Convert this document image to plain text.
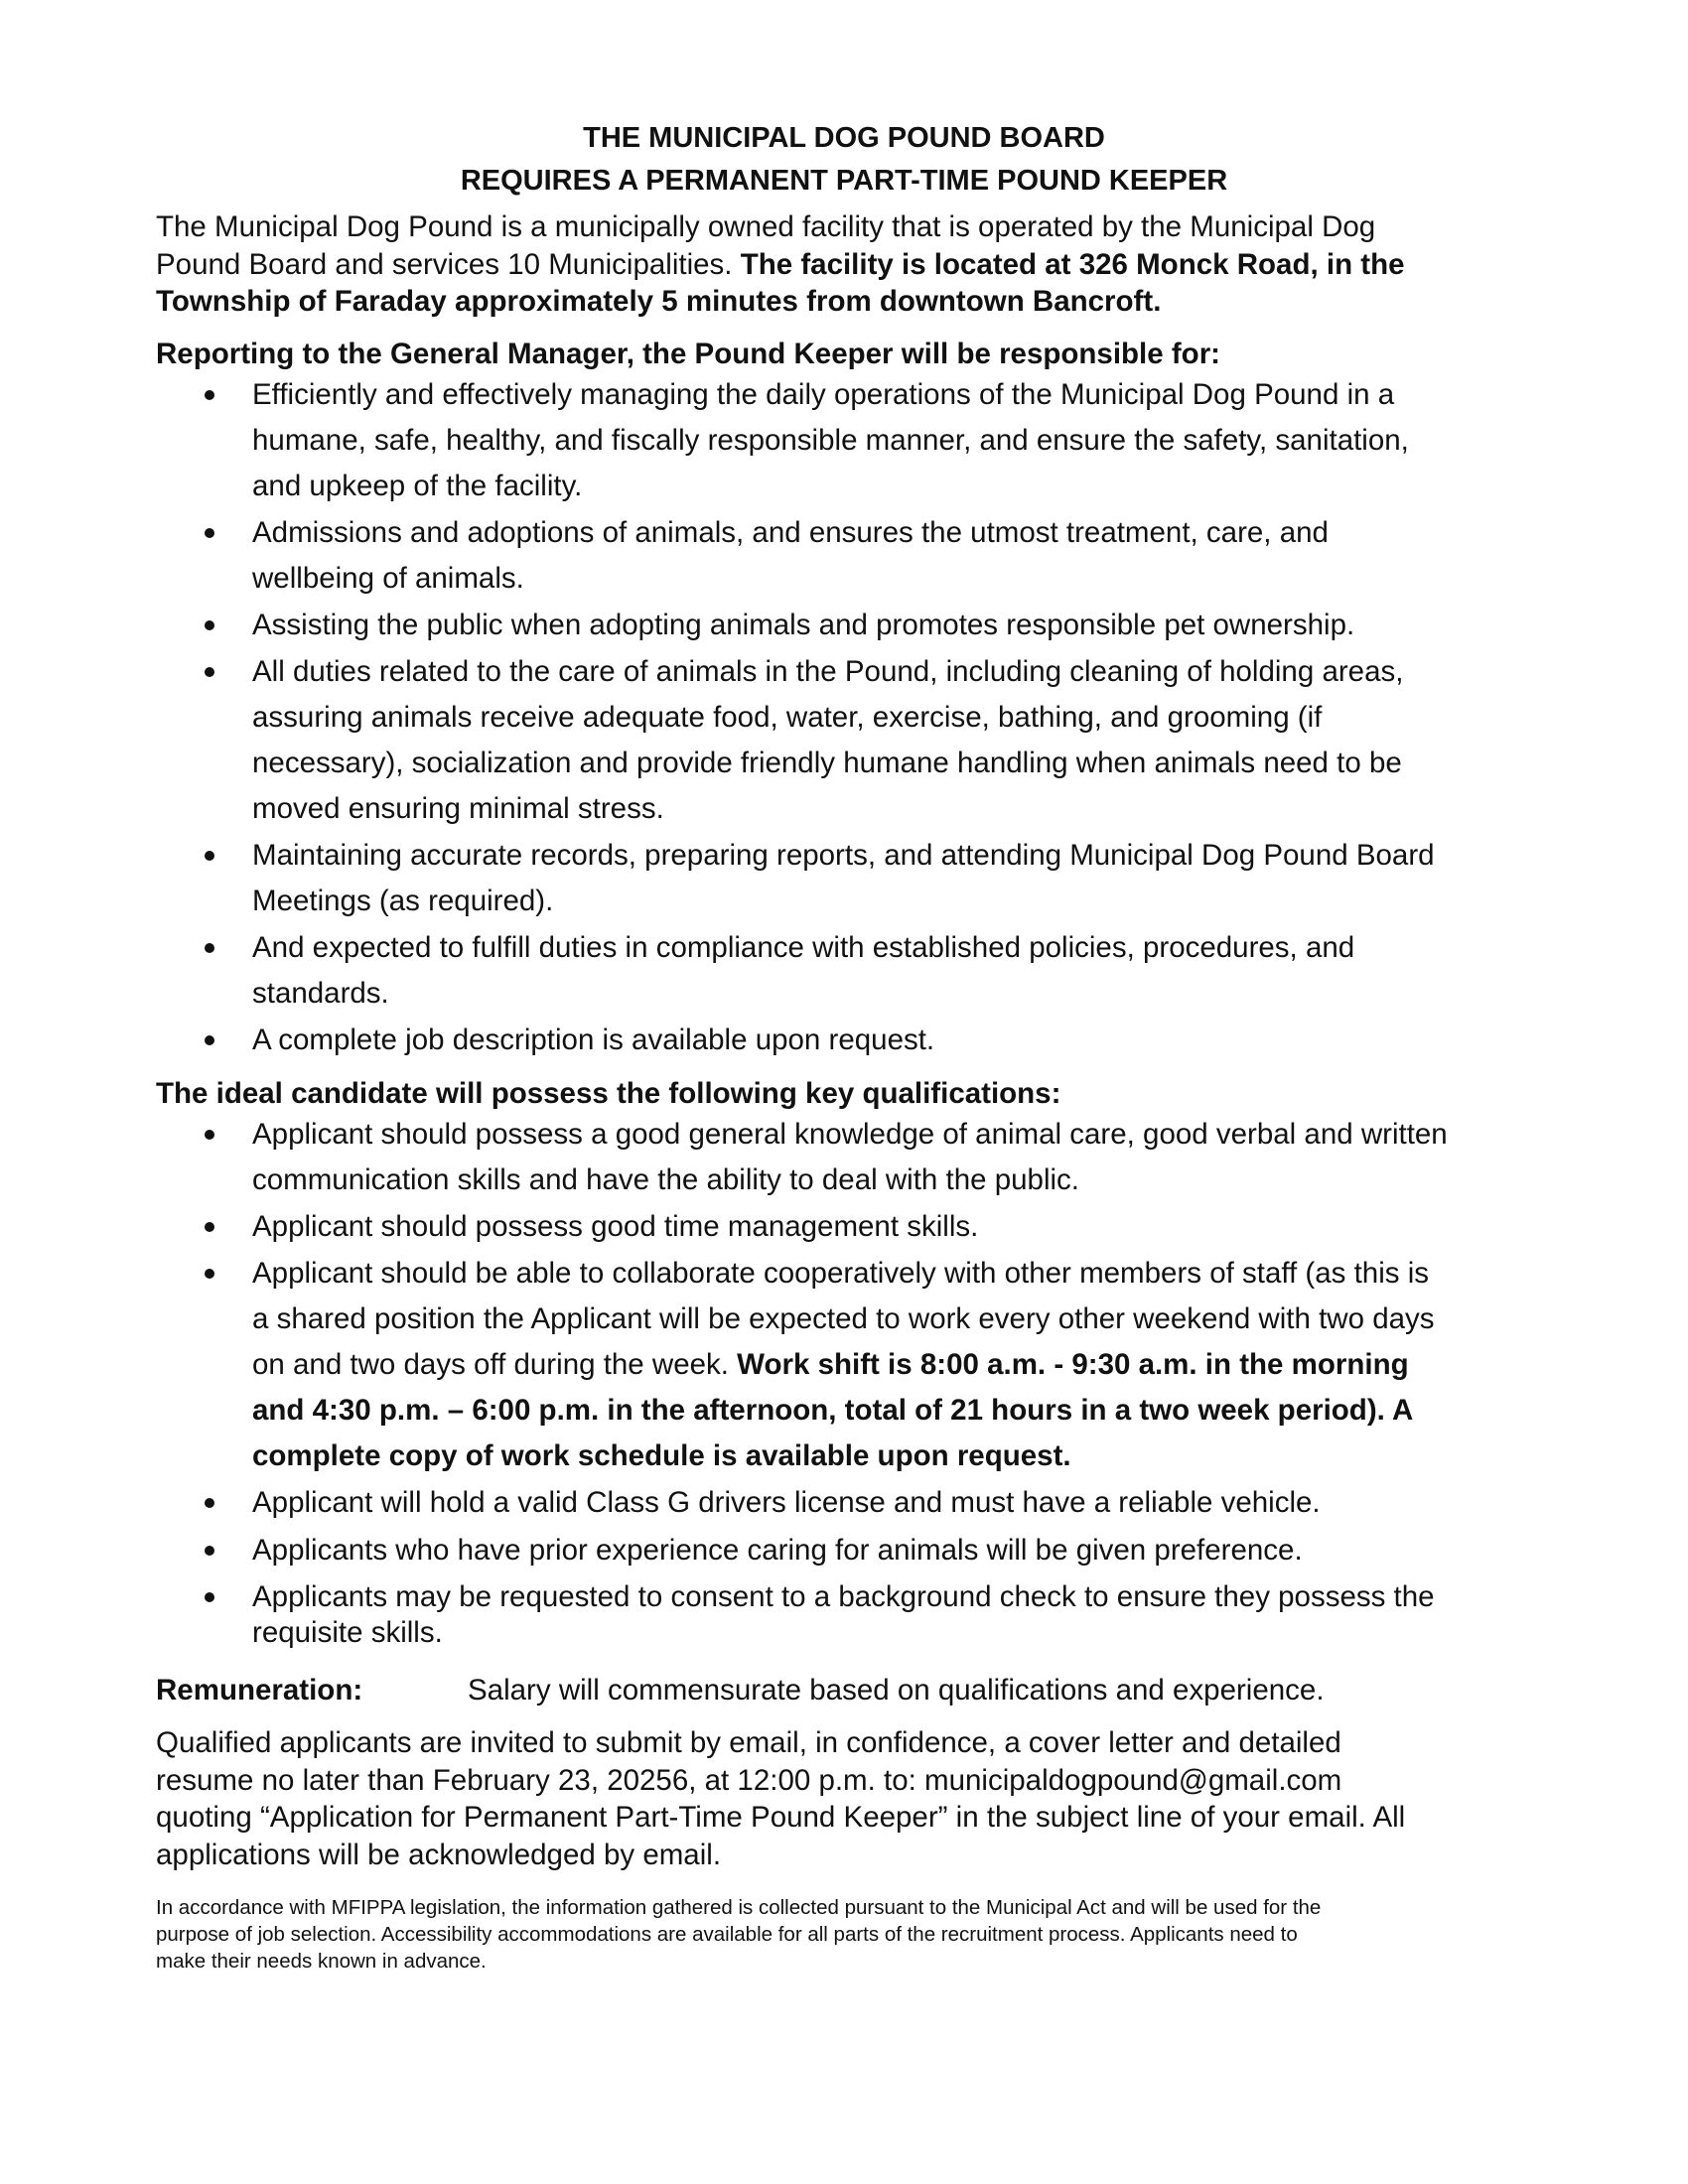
THE MUNICIPAL DOG POUND BOARD
REQUIRES A PERMANENT PART-TIME POUND KEEPER
The Municipal Dog Pound is a municipally owned facility that is operated by the Municipal Dog
Pound Board and services 10 Municipalities. The facility is located at 326 Monck Road, in the
Township of Faraday approximately 5 minutes from downtown Bancroft.
Reporting to the General Manager, the Pound Keeper will be responsible for:
Efficiently and effectively managing the daily operations of the Municipal Dog Pound in a
humane, safe, healthy, and fiscally responsible manner, and ensure the safety, sanitation,
and upkeep of the facility.
Admissions and adoptions of animals, and ensures the utmost treatment, care, and
wellbeing of animals.
Assisting the public when adopting animals and promotes responsible pet ownership.
All duties related to the care of animals in the Pound, including cleaning of holding areas,
assuring animals receive adequate food, water, exercise, bathing, and grooming (if
necessary), socialization and provide friendly humane handling when animals need to be
moved ensuring minimal stress.
Maintaining accurate records, preparing reports, and attending Municipal Dog Pound Board
Meetings (as required).
And expected to fulfill duties in compliance with established policies, procedures, and
standards.
A complete job description is available upon request.
The ideal candidate will possess the following key qualifications:
Applicant should possess a good general knowledge of animal care, good verbal and written
communication skills and have the ability to deal with the public.
Applicant should possess good time management skills.
Applicant should be able to collaborate cooperatively with other members of staff (as this is
a shared position the Applicant will be expected to work every other weekend with two days
on and two days off during the week. Work shift is 8:00 a.m. - 9:30 a.m. in the morning
and 4:30 p.m. – 6:00 p.m. in the afternoon, total of 21 hours in a two week period). A
complete copy of work schedule is available upon request.
Applicant will hold a valid Class G drivers license and must have a reliable vehicle.
Applicants who have prior experience caring for animals will be given preference.
Applicants may be requested to consent to a background check to ensure they possess the
requisite skills.
Remuneration:	Salary will commensurate based on qualifications and experience.
Qualified applicants are invited to submit by email, in confidence, a cover letter and detailed
resume no later than February 23, 20256, at 12:00 p.m. to: municipaldogpound@gmail.com
quoting “Application for Permanent Part-Time Pound Keeper” in the subject line of your email. All
applications will be acknowledged by email.
In accordance with MFIPPA legislation, the information gathered is collected pursuant to the Municipal Act and will be used for the
purpose of job selection. Accessibility accommodations are available for all parts of the recruitment process. Applicants need to
make their needs known in advance.
